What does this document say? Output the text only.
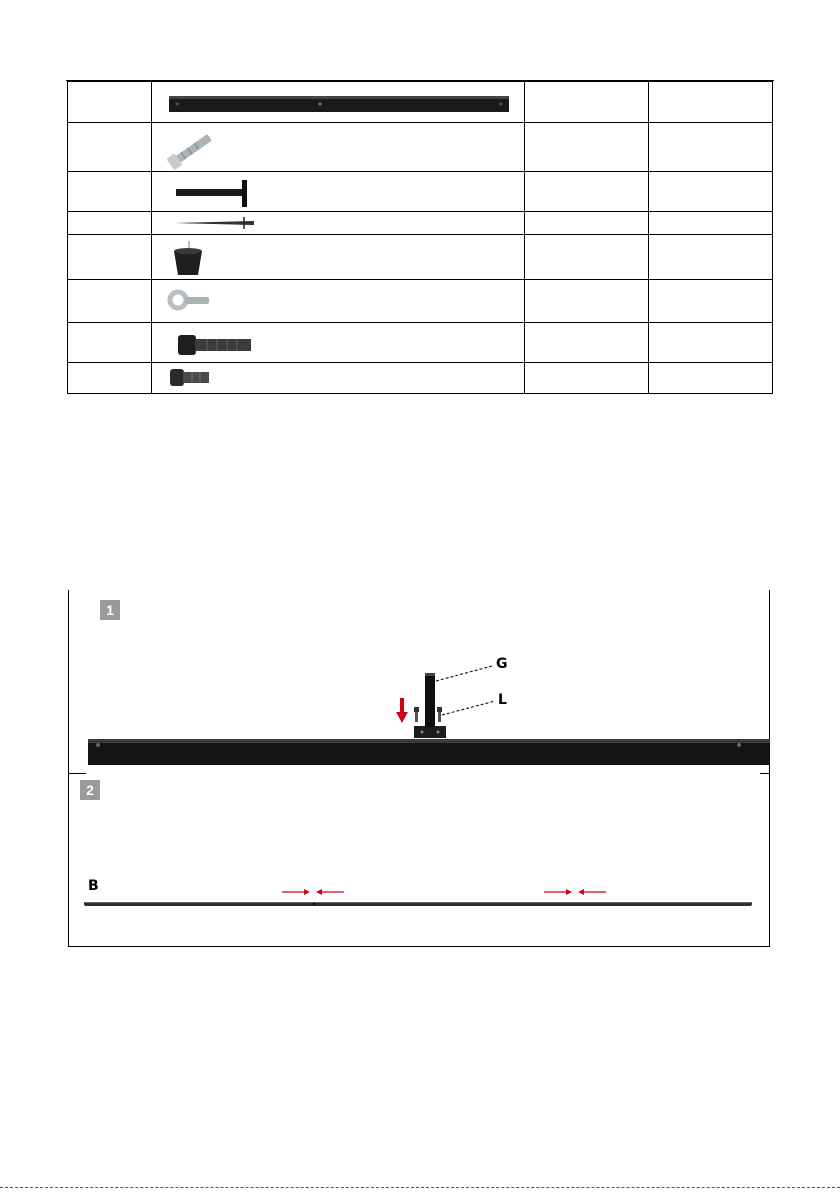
1
G
L
2
B
